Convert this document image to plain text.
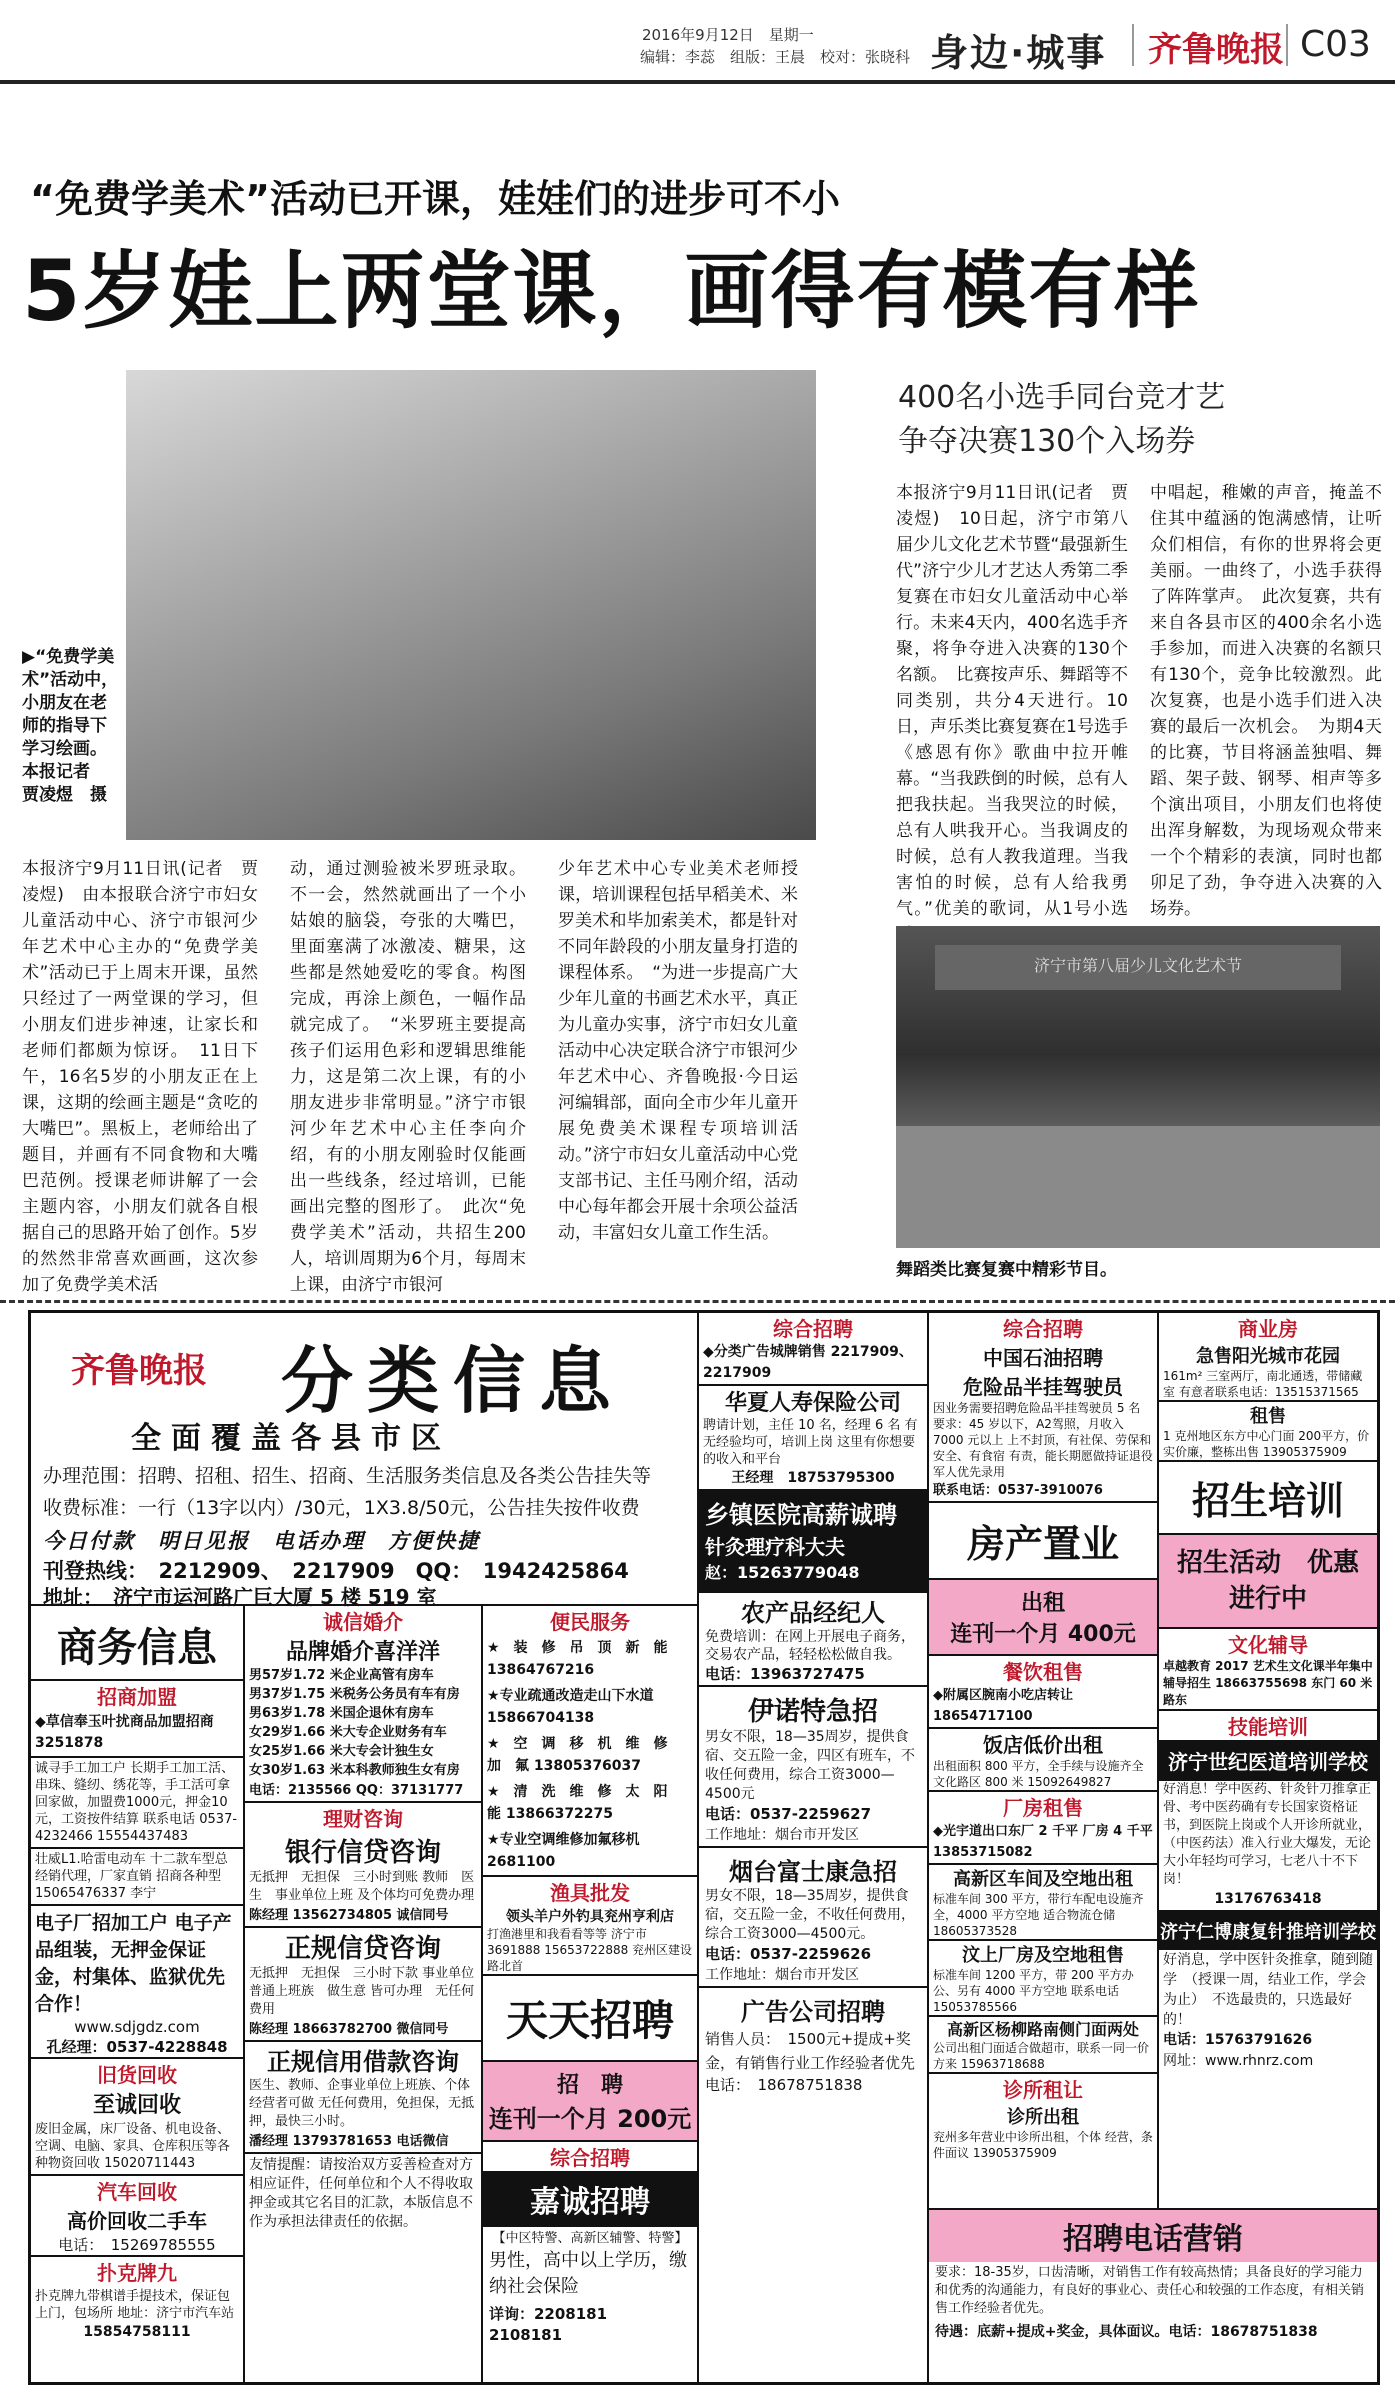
2016年9月12日　星期一
编辑：李蕊　组版：王晨　校对：张晓科 身边·城事 齐鲁晚报 C03
“免费学美术”活动已开课，娃娃们的进步可不小
5岁娃上两堂课，画得有模有样
▶“免费学美术”活动中，小朋友在老师的指导下学习绘画。本报记者　贾凌煜　摄
本报济宁9月11日讯(记者　贾凌煜)　由本报联合济宁市妇女儿童活动中心、济宁市银河少年艺术中心主办的“免费学美术”活动已于上周末开课，虽然只经过了一两堂课的学习，但小朋友们进步神速，让家长和老师们都颇为惊讶。　11日下午，16名5岁的小朋友正在上课，这期的绘画主题是“贪吃的大嘴巴”。黑板上，老师给出了题目，并画有不同食物和大嘴巴范例。授课老师讲解了一会主题内容，小朋友们就各自根据自己的思路开始了创作。5岁的然然非常喜欢画画，这次参加了免费学美术活
动，通过测验被米罗班录取。不一会，然然就画出了一个小姑娘的脑袋，夸张的大嘴巴，里面塞满了冰激凌、糖果，这些都是然她爱吃的零食。构图完成，再涂上颜色，一幅作品就完成了。　“米罗班主要提高孩子们运用色彩和逻辑思维能力，这是第二次上课，有的小朋友进步非常明显。”济宁市银河少年艺术中心主任李向介绍，有的小朋友刚验时仅能画出一些线条，经过培训，已能画出完整的图形了。　此次“免费学美术”活动，共招生200人，培训周期为6个月，每周末上课，由济宁市银河
少年艺术中心专业美术老师授课，培训课程包括早稻美术、米罗美术和毕加索美术，都是针对不同年龄段的小朋友量身打造的课程体系。　“为进一步提高广大少年儿童的书画艺术水平，真正为儿童办实事，济宁市妇女儿童活动中心决定联合济宁市银河少年艺术中心、齐鲁晚报·今日运河编辑部，面向全市少年儿童开展免费美术课程专项培训活动。”济宁市妇女儿童活动中心党支部书记、主任马刚介绍，活动中心每年都会开展十余项公益活动，丰富妇女儿童工作生活。
400名小选手同台竞才艺
争夺决赛130个入场券
本报济宁9月11日讯(记者　贾凌煜)　10日起，济宁市第八届少儿文化艺术节暨“最强新生代”济宁少儿才艺达人秀第二季复赛在市妇女儿童活动中心举行。未来4天内，400名选手齐聚，将争夺进入决赛的130个名额。　比赛按声乐、舞蹈等不同类别，共分4天进行。10日，声乐类比赛复赛在1号选手《感恩有你》歌曲中拉开帷幕。“当我跌倒的时候，总有人把我扶起。当我哭泣的时候，总有人哄我开心。当我调皮的时候，总有人教我道理。当我害怕的时候，总有人给我勇气。”优美的歌词，从1号小选
中唱起，稚嫩的声音，掩盖不住其中蕴涵的饱满感情，让听众们相信，有你的世界将会更美丽。一曲终了，小选手获得了阵阵掌声。　此次复赛，共有来自各县市区的400余名小选手参加，而进入决赛的名额只有130个，竞争比较激烈。此次复赛，也是小选手们进入决赛的最后一次机会。　为期4天的比赛，节目将涵盖独唱、舞蹈、架子鼓、钢琴、相声等多个演出项目，小朋友们也将使出浑身解数，为现场观众带来一个个精彩的表演，同时也都卯足了劲，争夺进入决赛的入场券。
济宁市第八届少儿文化艺术节
舞蹈类比赛复赛中精彩节目。
齐鲁晚报 分类信息
全面覆盖各县市区
办理范围：招聘、招租、招生、招商、生活服务类信息及各类公告挂失等
收费标准：一行（13字以内）/30元，1X3.8/50元，公告挂失按件收费
今日付款　明日见报　电话办理　方便快捷
刊登热线：　2212909、　2217909　QQ：　1942425864
地址：　济宁市运河路广巨大厦 5 楼 519 室
商务信息
招商加盟
◆草信奉玉叶扰商品加盟招商 3251878
诚寻手工加工户 长期手工加工活、串珠、缝纫、绣花等，手工活可拿回家做，加盟费1000元，押金10元，工资按件结算 联系电话 0537-4232466 15554437483
壮威L1.哈雷电动车 十二款车型总经销代理，厂家直销 招商各种型 15065476337 李宁
电子厂招加工户 电子产品组装，无押金保证金，村集体、监狱优先合作！
www.sdjgdz.com
孔经理：0537-4228848
旧货回收
至诚回收
废旧金属，床厂设备、机电设备、空调、电脑、家具、仓库积压等各种物资回收 15020711443
汽车回收
高价回收二手车
电话：　15269785555
扑克牌九
扑克牌九带棋谱手提技术，保证包上门，包场所 地址：济宁市汽车站
15854758111
诚信婚介
品牌婚介喜洋洋
男57岁1.72 米企业高管有房车
男37岁1.75 米税务公务员有车有房
男63岁1.78 米国企退休有房车
女29岁1.66 米大专企业财务有车
女25岁1.66 米大专会计独生女
女30岁1.63 米本科教师独生女有房
电话：2135566 QQ：37131777
理财咨询
银行信贷咨询
无抵押　无担保　三小时到账 教师　医生　事业单位上班 及个体均可免费办理
陈经理 13562734805 诚信同号
正规信贷咨询
无抵押　无担保　三小时下款 事业单位　普通上班族　做生意 皆可办理　无任何费用
陈经理 18663782700 微信同号
正规信用借款咨询
医生、教师、企事业单位上班族、个体经营者可做 无任何费用，免担保，无抵押，最快三小时。
潘经理 13793781653 电话微信
友情提醒：请按治双方妥善检查对方相应证件，任何单位和个人不得收取押金或其它名目的汇款，本版信息不作为承担法律责任的依据。
便民服务
★　装　修　吊　顶　新　能 13864767216
★专业疏通改造走山下水道 15866704138
★　空　调　移　机　维　修　加　氟 13805376037
★　清　洗　维　修　太　阳　能 13866372275
★专业空调维修加氟移机 2681100
渔具批发
领头羊户外钓具兖州亨利店
打渔港里和我看看等等 济宁市 3691888 15653722888 兖州区建设路北首
天天招聘
招　聘
连刊一个月 200元
综合招聘
嘉诚招聘
【中区特警、高新区辅警、特警】
男性，高中以上学历，缴纳社会保险
详询：2208181　2108181
综合招聘
◆分类广告城牌销售 2217909、2217909
华夏人寿保险公司
聘请计划，主任 10 名，经理 6 名 有无经验均可，培训上岗 这里有你想要的收入和平台
王经理　18753795300
乡镇医院高薪诚聘
针灸理疗科大夫
赵：15263779048
农产品经纪人
免费培训：在网上开展电子商务，交易农产品，轻轻松松做自我。
电话：13963727475
伊诺特急招
男女不限，18—35周岁，提供食宿、交五险一金，四区有班车，不收任何费用，综合工资3000—4500元
电话：0537-2259627
工作地址：烟台市开发区
烟台富士康急招
男女不限，18—35周岁，提供食宿，交五险一金，不收任何费用，综合工资3000—4500元。
电话：0537-2259626
工作地址：烟台市开发区
广告公司招聘
销售人员：　1500元+提成+奖金，有销售行业工作经验者优先
电话：　18678751838
综合招聘
中国石油招聘
危险品半挂驾驶员
因业务需要招聘危险品半挂驾驶员 5 名 要求：45 岁以下，A2驾照，月收入 7000 元以上 上不封顶，有社保、劳保和安全、有食宿 有责，能长期愿做持证退役军人优先录用
联系电话：0537-3910076
房产置业
出租
连刊一个月 400元
餐饮租售
◆附属区腕南小吃店转让 18654717100
饭店低价出租
出租面积 800 平方，全手续与设施齐全 文化路区 800 米 15092649827
厂房租售
◆光宇道出口东厂 2 千平 厂房 4 千平 13853715082
高新区车间及空地出租
标准车间 300 平方，带行车配电设施齐全，4000 平方空地 适合物流仓储 18605373528
汶上厂房及空地租售
标准车间 1200 平方，带 200 平方办公、另有 4000 平方空地 联系电话 15053785566
高新区杨柳路南侧门面两处
公司出租门面适合做超市，联系一同一价方来 15963718688
诊所租让
诊所出租
兖州多年营业中诊所出租，个体 经营，条件面议 13905375909
商业房
急售阳光城市花园
161m² 三室两厅，南北通透，带储藏室 有意者联系电话：13515371565
租售
1 克州地区东方中心门面 200平方，价实价廉，整栋出售 13905375909
招生培训
招生活动　优惠进行中
文化辅导
卓越教育 2017 艺术生文化课半年集中辅导招生 18663755698 东门 60 米路东
技能培训
济宁世纪医道培训学校
好消息！学中医药、针灸针刀推拿正骨、考中医药确有专长国家资格证书，到医院上岗或个人开诊所就业，（中医药法）准入行业大爆发，无论大小年轻均可学习，七老八十不下岗！
13176763418
济宁仁博康复针推培训学校
好消息，学中医针灸推拿，随到随学　（授课一周，结业工作，学会为止）　不选最贵的，只选最好的！
电话：15763791626
网址：www.rhnrz.com
招聘电话营销
要求：18-35岁，口齿清晰，对销售工作有较高热情；具备良好的学习能力和优秀的沟通能力，有良好的事业心、责任心和较强的工作态度，有相关销售工作经验者优先。
待遇：底薪+提成+奖金，具体面议。电话：18678751838
